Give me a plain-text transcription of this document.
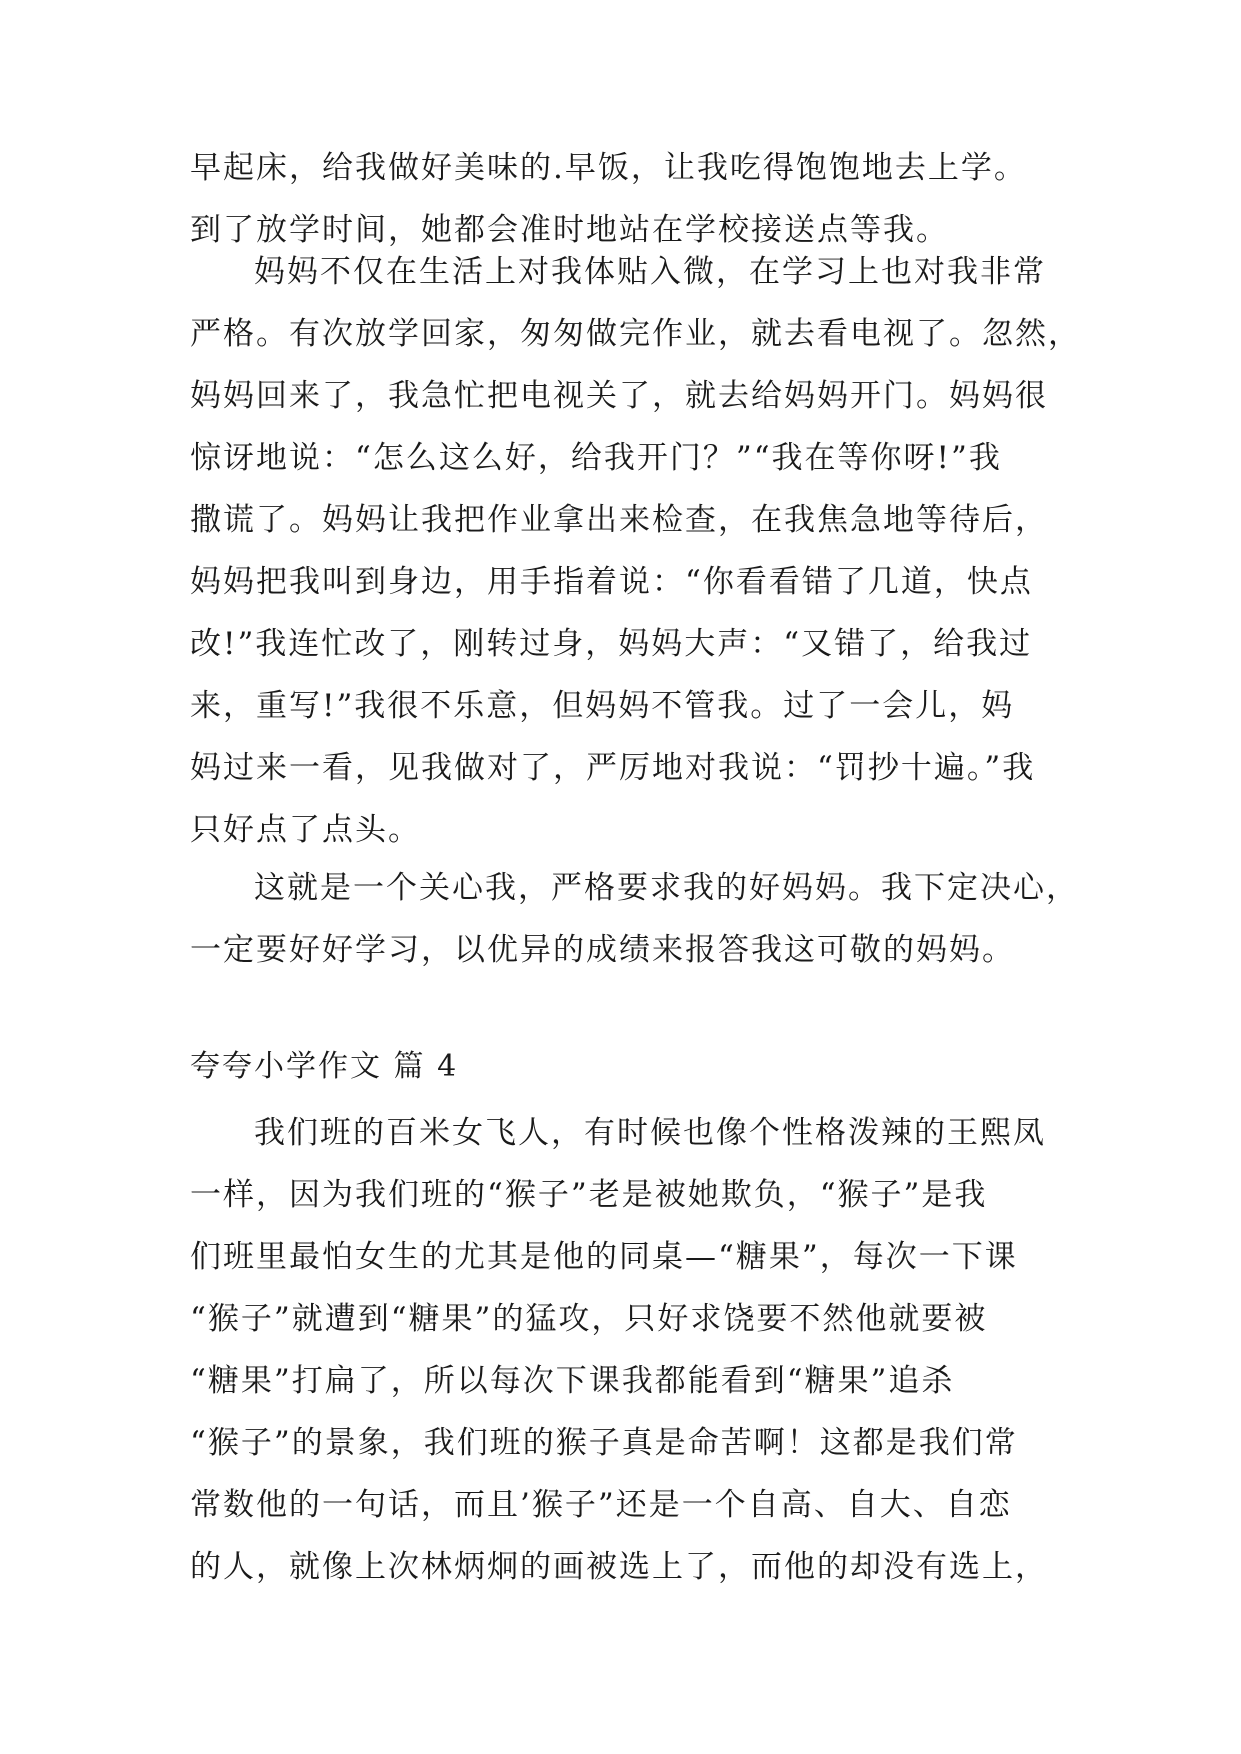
早起床，给我做好美味的.早饭，让我吃得饱饱地去上学。
到了放学时间，她都会准时地站在学校接送点等我。
妈妈不仅在生活上对我体贴入微，在学习上也对我非常
严格。有次放学回家，匆匆做完作业，就去看电视了。忽然，
妈妈回来了，我急忙把电视关了，就去给妈妈开门。妈妈很
惊讶地说：“怎么这么好，给我开门？”“我在等你呀!”我
撒谎了。妈妈让我把作业拿出来检查，在我焦急地等待后，
妈妈把我叫到身边，用手指着说：“你看看错了几道，快点
改!”我连忙改了，刚转过身，妈妈大声：“又错了，给我过
来，重写!”我很不乐意，但妈妈不管我。过了一会儿，妈
妈过来一看，见我做对了，严厉地对我说：“罚抄十遍。”我
只好点了点头。
这就是一个关心我，严格要求我的好妈妈。我下定决心，
一定要好好学习，以优异的成绩来报答我这可敬的妈妈。
夸夸小学作文 篇 4
我们班的百米女飞人，有时候也像个性格泼辣的王熙凤
一样，因为我们班的“猴子”老是被她欺负，“猴子”是我
们班里最怕女生的尤其是他的同桌—“糖果”，每次一下课
“猴子”就遭到“糖果”的猛攻，只好求饶要不然他就要被
“糖果”打扁了，所以每次下课我都能看到“糖果”追杀
“猴子”的景象，我们班的猴子真是命苦啊！这都是我们常
常数他的一句话，而且’猴子”还是一个自高、自大、自恋
的人，就像上次林炳炯的画被选上了，而他的却没有选上，
